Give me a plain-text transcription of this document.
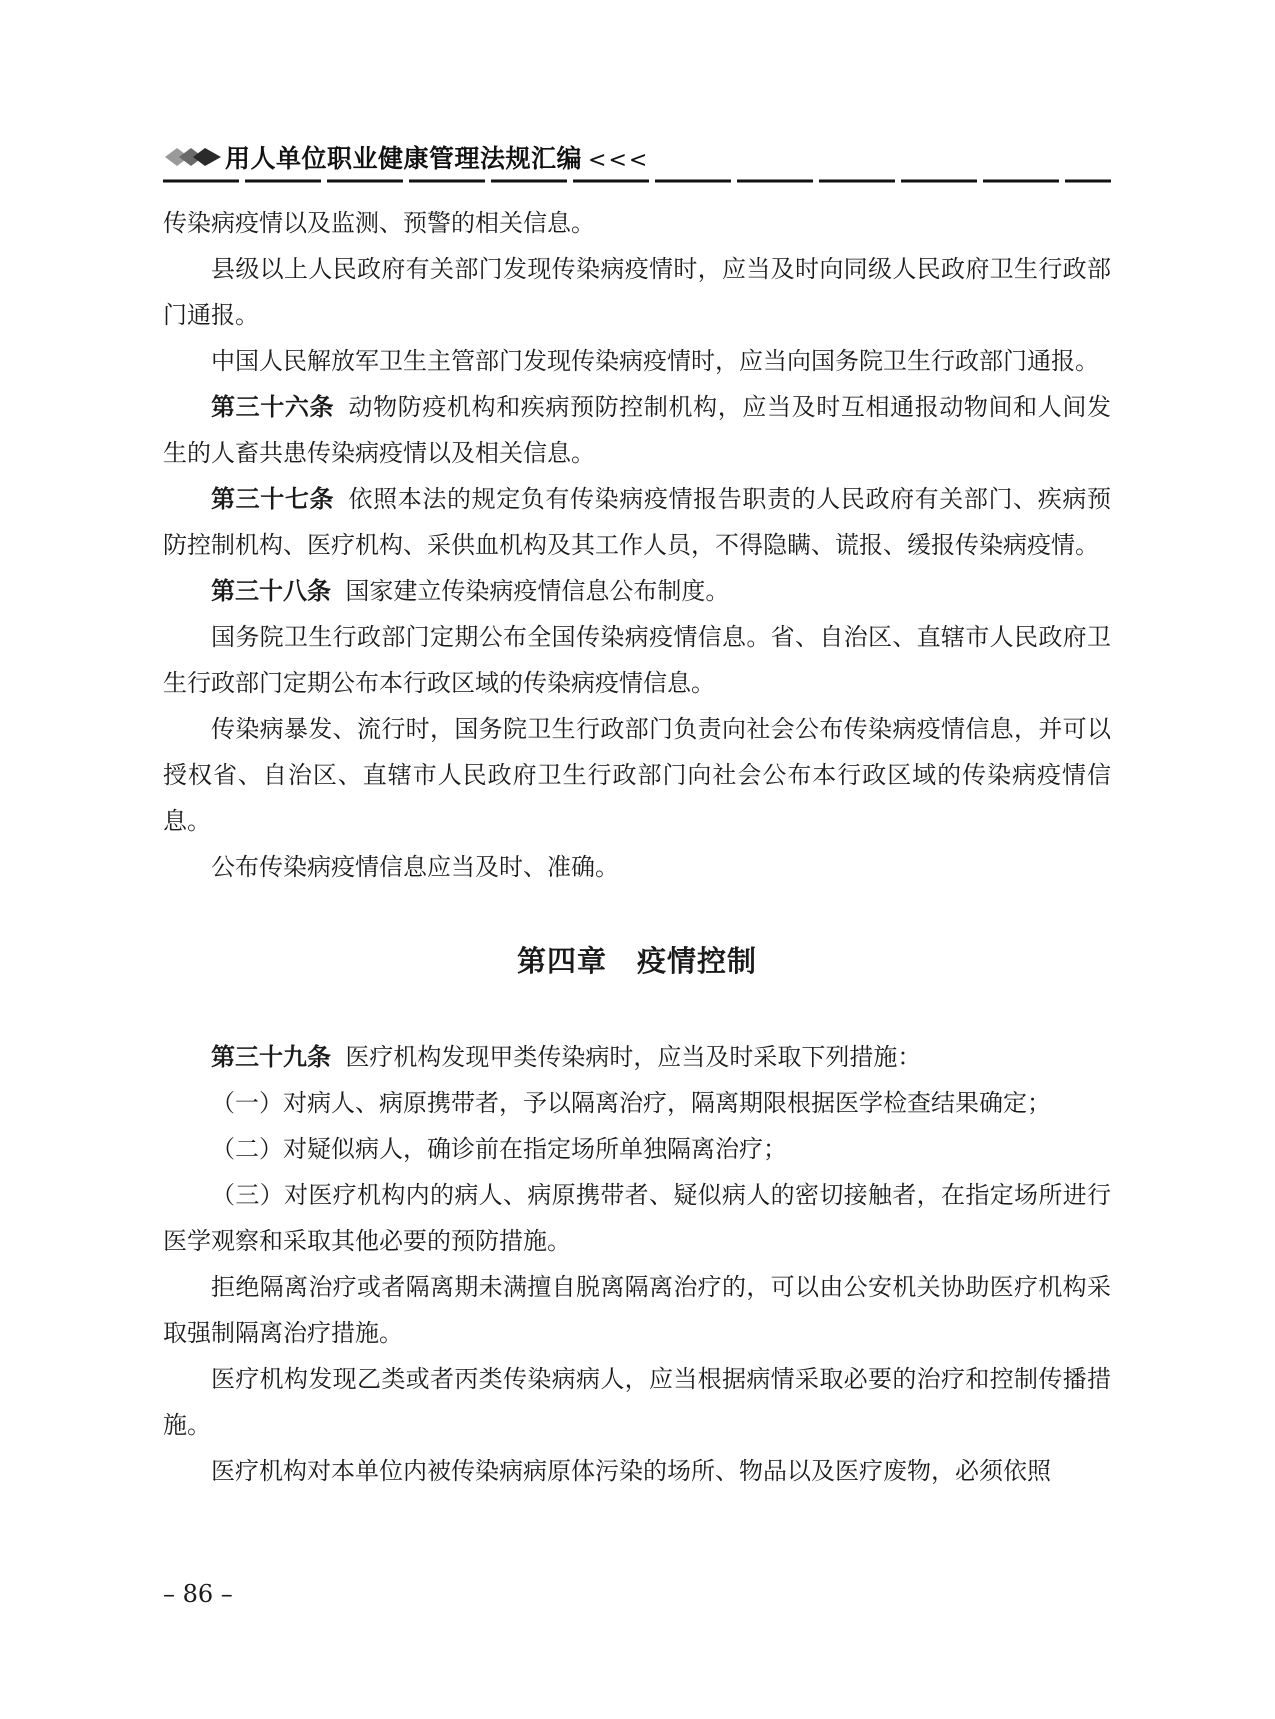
用人单位职业健康管理法规汇编 <<<

传染病疫情以及监测、预警的相关信息。

县级以上人民政府有关部门发现传染病疫情时，应当及时向同级人民政府卫生行政部门通报。

中国人民解放军卫生主管部门发现传染病疫情时，应当向国务院卫生行政部门通报。

第三十六条 动物防疫机构和疾病预防控制机构，应当及时互相通报动物间和人间发生的人畜共患传染病疫情以及相关信息。

第三十七条 依照本法的规定负有传染病疫情报告职责的人民政府有关部门、疾病预防控制机构、医疗机构、采供血机构及其工作人员，不得隐瞒、谎报、缓报传染病疫情。

第三十八条 国家建立传染病疫情信息公布制度。

国务院卫生行政部门定期公布全国传染病疫情信息。省、自治区、直辖市人民政府卫生行政部门定期公布本行政区域的传染病疫情信息。

传染病暴发、流行时，国务院卫生行政部门负责向社会公布传染病疫情信息，并可以授权省、自治区、直辖市人民政府卫生行政部门向社会公布本行政区域的传染病疫情信息。

公布传染病疫情信息应当及时、准确。

第四章　疫情控制

第三十九条 医疗机构发现甲类传染病时，应当及时采取下列措施：

（一）对病人、病原携带者，予以隔离治疗，隔离期限根据医学检查结果确定；

（二）对疑似病人，确诊前在指定场所单独隔离治疗；

（三）对医疗机构内的病人、病原携带者、疑似病人的密切接触者，在指定场所进行医学观察和采取其他必要的预防措施。

拒绝隔离治疗或者隔离期未满擅自脱离隔离治疗的，可以由公安机关协助医疗机构采取强制隔离治疗措施。

医疗机构发现乙类或者丙类传染病病人，应当根据病情采取必要的治疗和控制传播措施。

医疗机构对本单位内被传染病病原体污染的场所、物品以及医疗废物，必须依照

– 86 –
